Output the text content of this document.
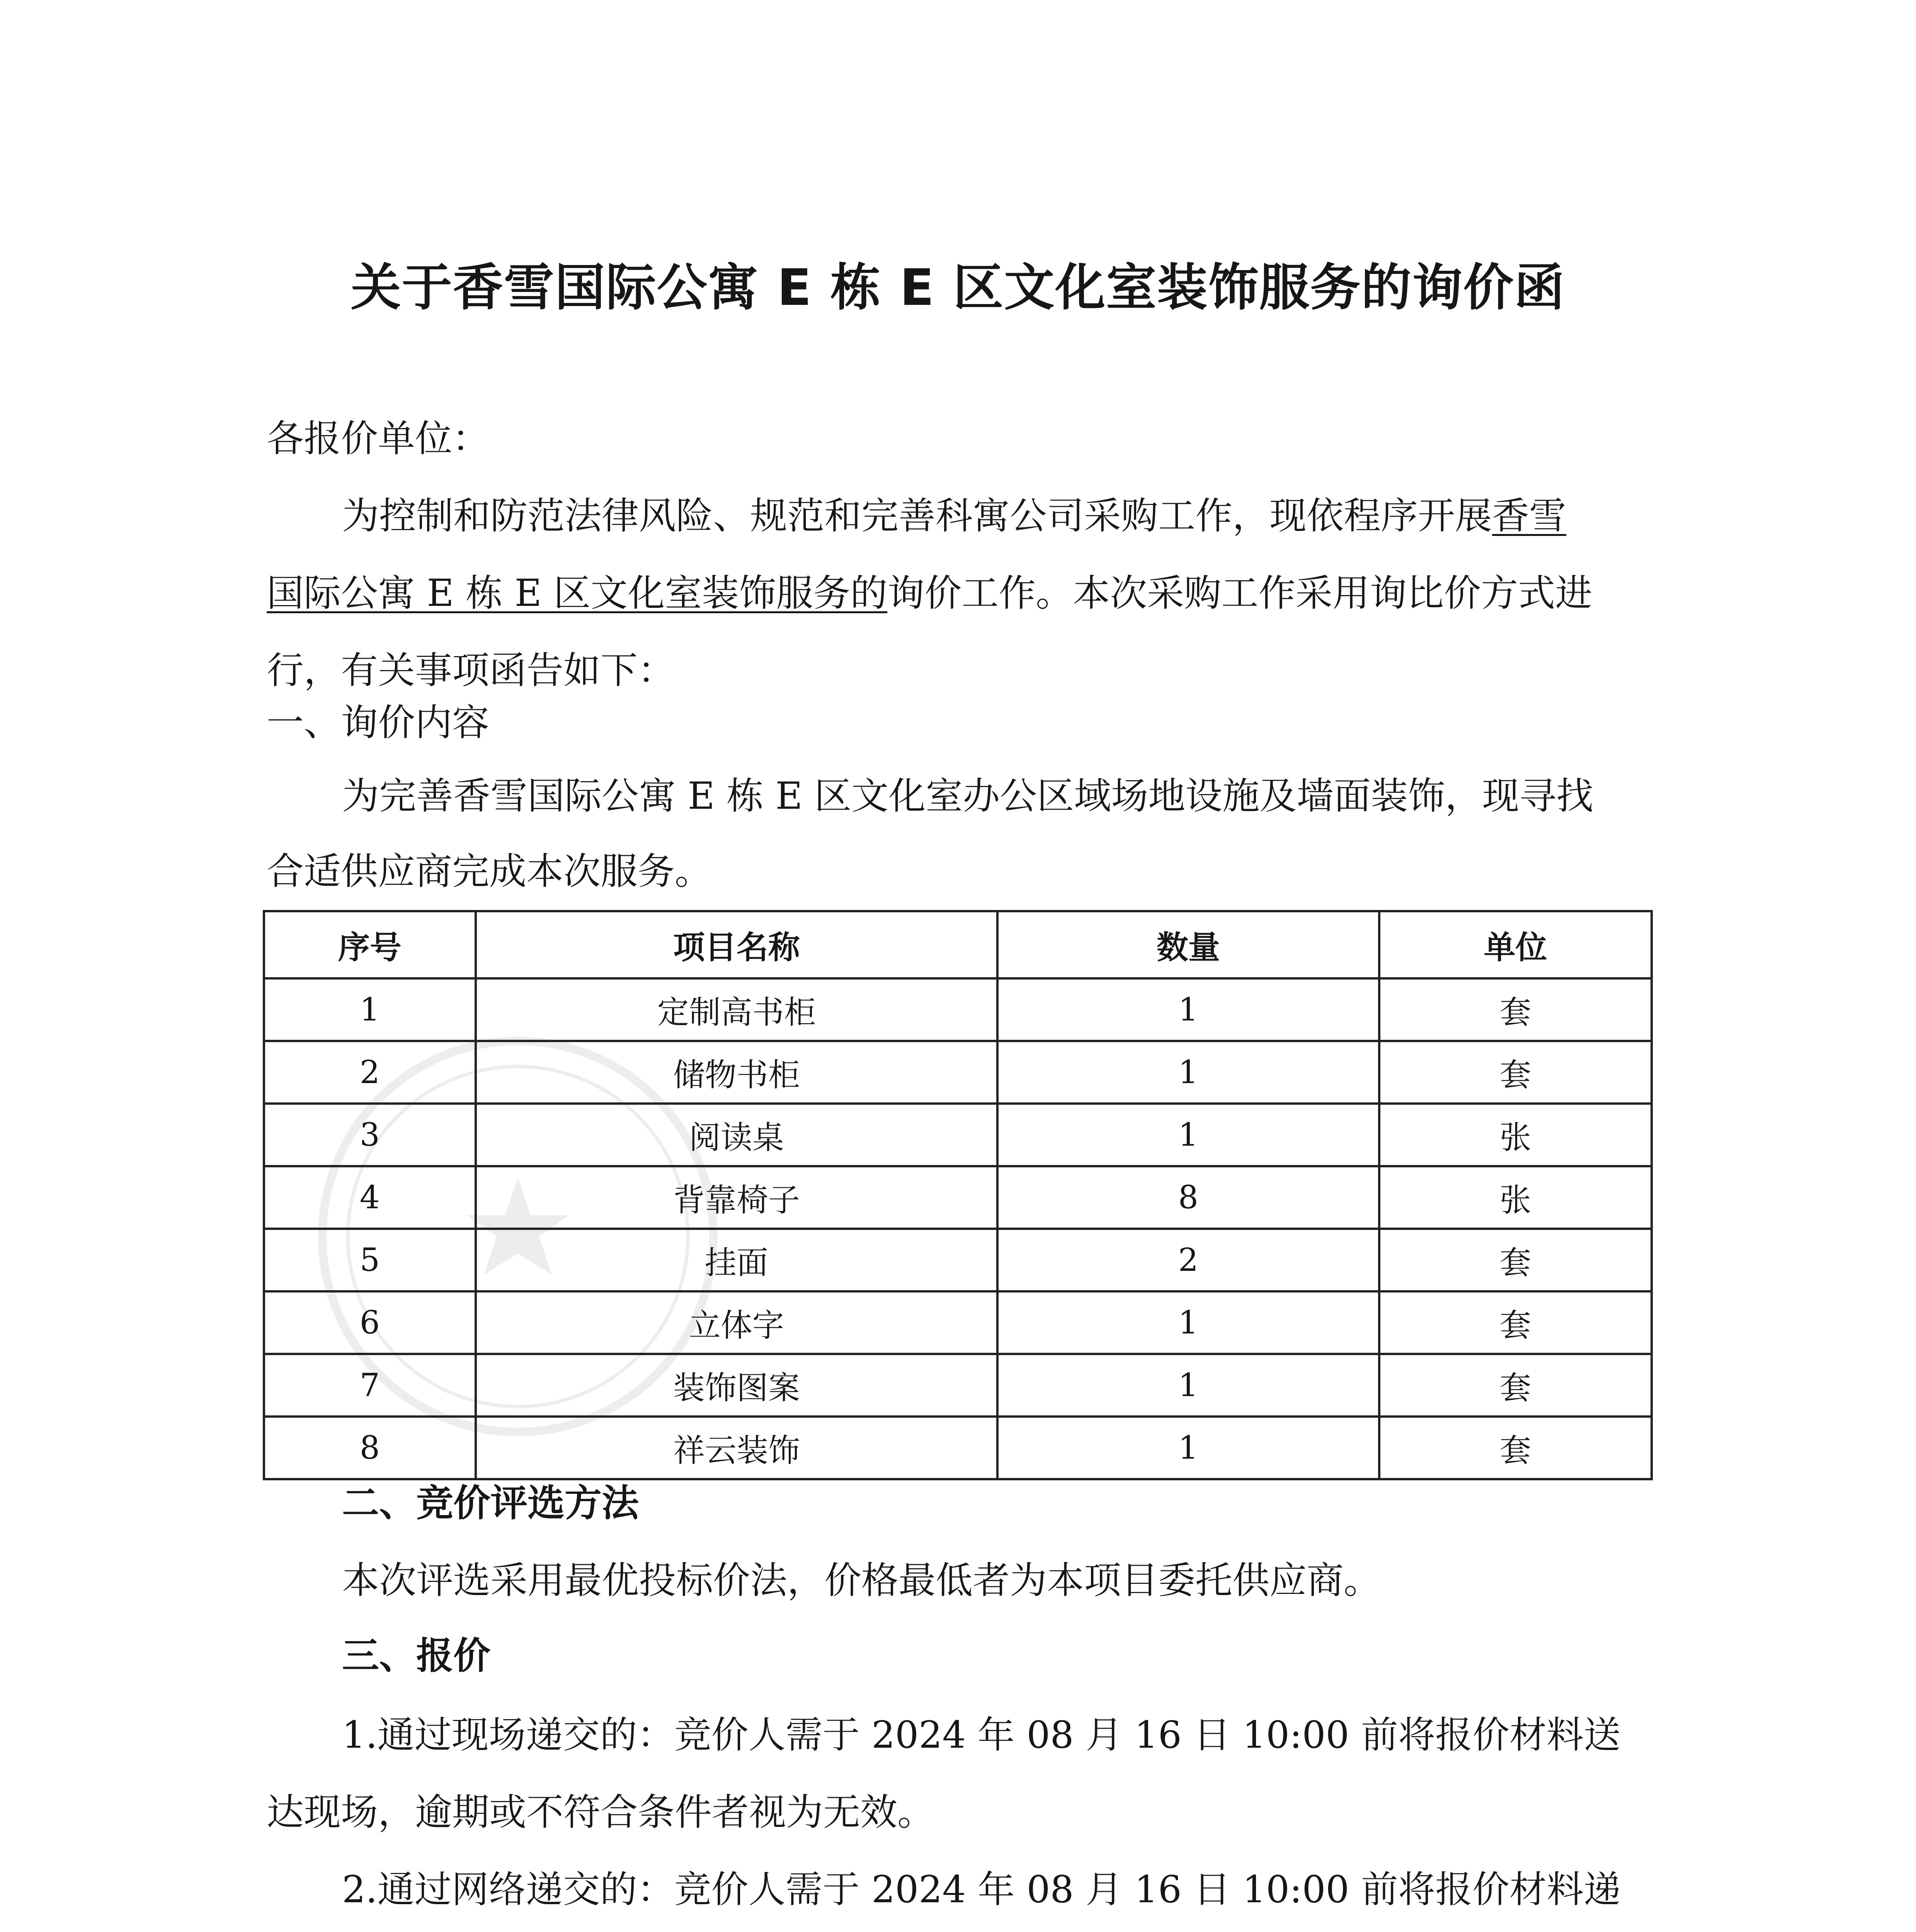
关于香雪国际公寓 E 栋 E 区文化室装饰服务的询价函
各报价单位：
为控制和防范法律风险、规范和完善科寓公司采购工作，现依程序开展香雪
国际公寓 E 栋 E 区文化室装饰服务的询价工作。本次采购工作采用询比价方式进
行，有关事项函告如下：
一、询价内容
为完善香雪国际公寓 E 栋 E 区文化室办公区域场地设施及墙面装饰，现寻找
合适供应商完成本次服务。
序号	项目名称	数量	单位
1	定制高书柜	1	套
2	储物书柜	1	套
3	阅读桌	1	张
4	背靠椅子	8	张
5	挂面	2	套
6	立体字	1	套
7	装饰图案	1	套
8	祥云装饰	1	套
二、竞价评选方法
本次评选采用最优投标价法，价格最低者为本项目委托供应商。
三、报价
1.通过现场递交的：竞价人需于 2024 年 08 月 16 日 10:00 前将报价材料送
达现场，逾期或不符合条件者视为无效。
2.通过网络递交的：竞价人需于 2024 年 08 月 16 日 10:00 前将报价材料递
